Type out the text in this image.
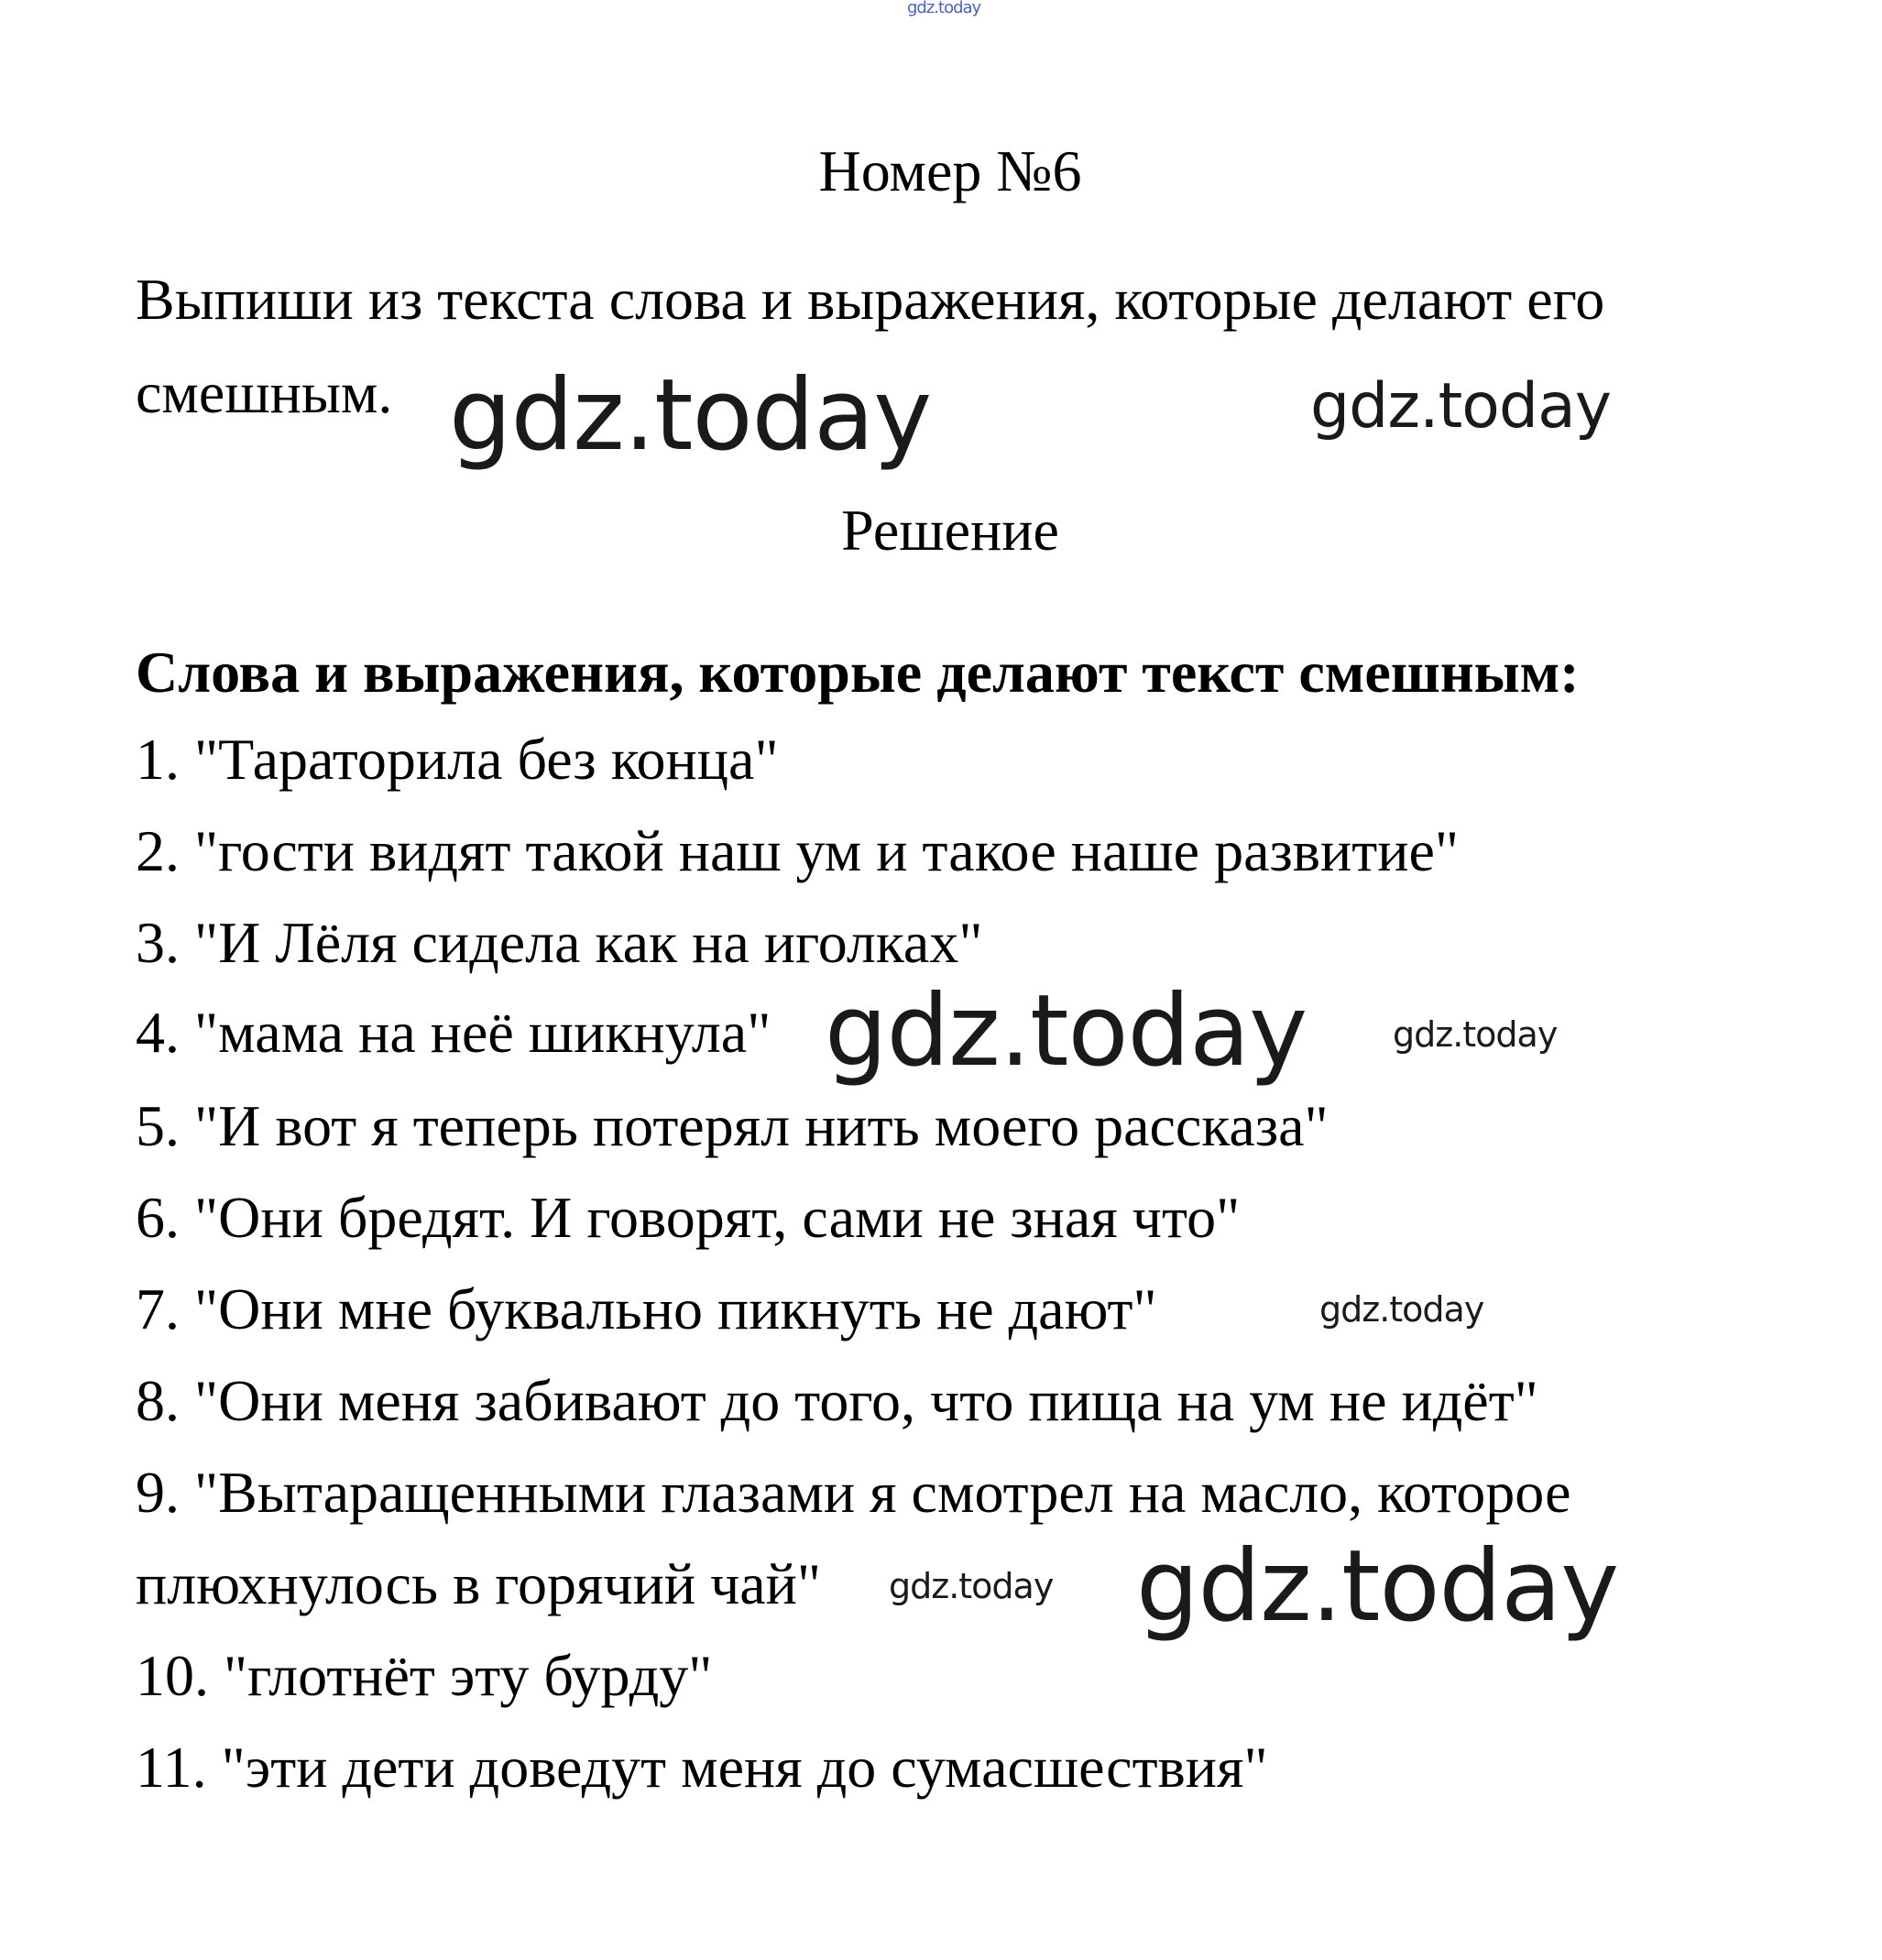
gdz.today
Номер №6
Выпиши из текста слова и выражения, которые делают его
смешным. gdz.today	gdz.today
Решение
Слова и выражения, которые делают текст смешным:
1. "Тараторила без конца"
2. "гости видят такой наш ум и такое наше развитие"
3. "И Лёля сидела как на иголках"
4. "мама на неё шикнула" gdz.today gdz.today
5. "И вот я теперь потерял нить моего рассказа"
6. "Они бредят. И говорят, сами не зная что"
7. "Они мне буквально пикнуть не дают"	gdz.today
8. "Они меня забивают до того, что пища на ум не идёт"
9. "Вытаращенными глазами я смотрел на масло, которое
плюхнулось в горячий чай" gdz.today gdz.today
10. "глотнёт эту бурду"
11. "эти дети доведут меня до сумасшествия"
